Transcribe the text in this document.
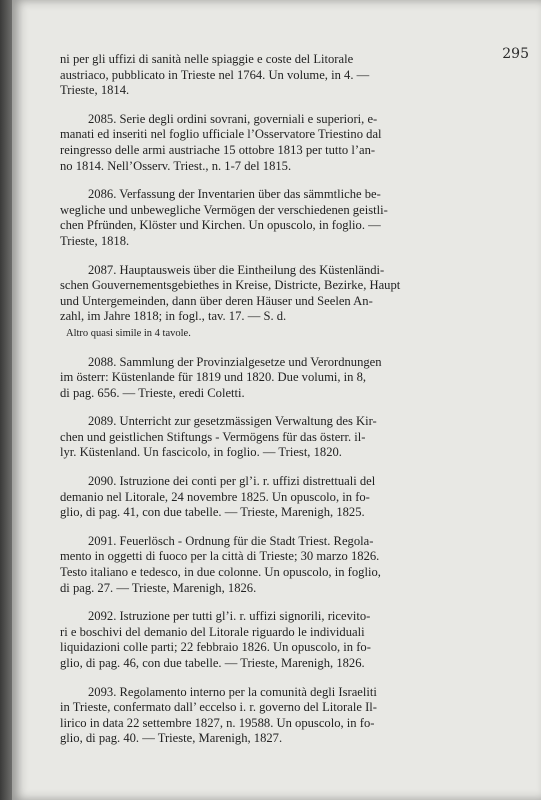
295
ni per gli uffizi di sanità nelle spiaggie e coste del Litorale
austriaco, pubblicato in Trieste nel 1764. Un volume, in 4. —
Trieste, 1814.
2085. Serie degli ordini sovrani, governiali e superiori, e-
manati ed inseriti nel foglio ufficiale l’Osservatore Triestino dal
reingresso delle armi austriache 15 ottobre 1813 per tutto l’an-
no 1814. Nell’Osserv. Triest., n. 1-7 del 1815.
2086. Verfassung der Inventarien über das sämmtliche be-
wegliche und unbewegliche Vermögen der verschiedenen geistli-
chen Pfründen, Klöster und Kirchen. Un opuscolo, in foglio. —
Trieste, 1818.
2087. Hauptausweis über die Eintheilung des Küstenländi-
schen Gouvernementsgebiethes in Kreise, Districte, Bezirke, Haupt
und Untergemeinden, dann über deren Häuser und Seelen An-
zahl, im Jahre 1818; in fogl., tav. 17. — S. d.
Altro quasi simile in 4 tavole.
2088. Sammlung der Provinzialgesetze und Verordnungen
im österr: Küstenlande für 1819 und 1820. Due volumi, in 8,
di pag. 656. — Trieste, eredi Coletti.
2089. Unterricht zur gesetzmässigen Verwaltung des Kir-
chen und geistlichen Stiftungs - Vermögens für das österr. il-
lyr. Küstenland. Un fascicolo, in foglio. — Triest, 1820.
2090. Istruzione dei conti per gl’i. r. uffizi distrettuali del
demanio nel Litorale, 24 novembre 1825. Un opuscolo, in fo-
glio, di pag. 41, con due tabelle. — Trieste, Marenigh, 1825.
2091. Feuerlösch - Ordnung für die Stadt Triest. Regola-
mento in oggetti di fuoco per la città di Trieste; 30 marzo 1826.
Testo italiano e tedesco, in due colonne. Un opuscolo, in foglio,
di pag. 27. — Trieste, Marenigh, 1826.
2092. Istruzione per tutti gl’i. r. uffizi signorili, ricevito-
ri e boschivi del demanio del Litorale riguardo le individuali
liquidazioni colle parti; 22 febbraio 1826. Un opuscolo, in fo-
glio, di pag. 46, con due tabelle. — Trieste, Marenigh, 1826.
2093. Regolamento interno per la comunità degli Israeliti
in Trieste, confermato dall’ eccelso i. r. governo del Litorale Il-
lirico in data 22 settembre 1827, n. 19588. Un opuscolo, in fo-
glio, di pag. 40. — Trieste, Marenigh, 1827.
